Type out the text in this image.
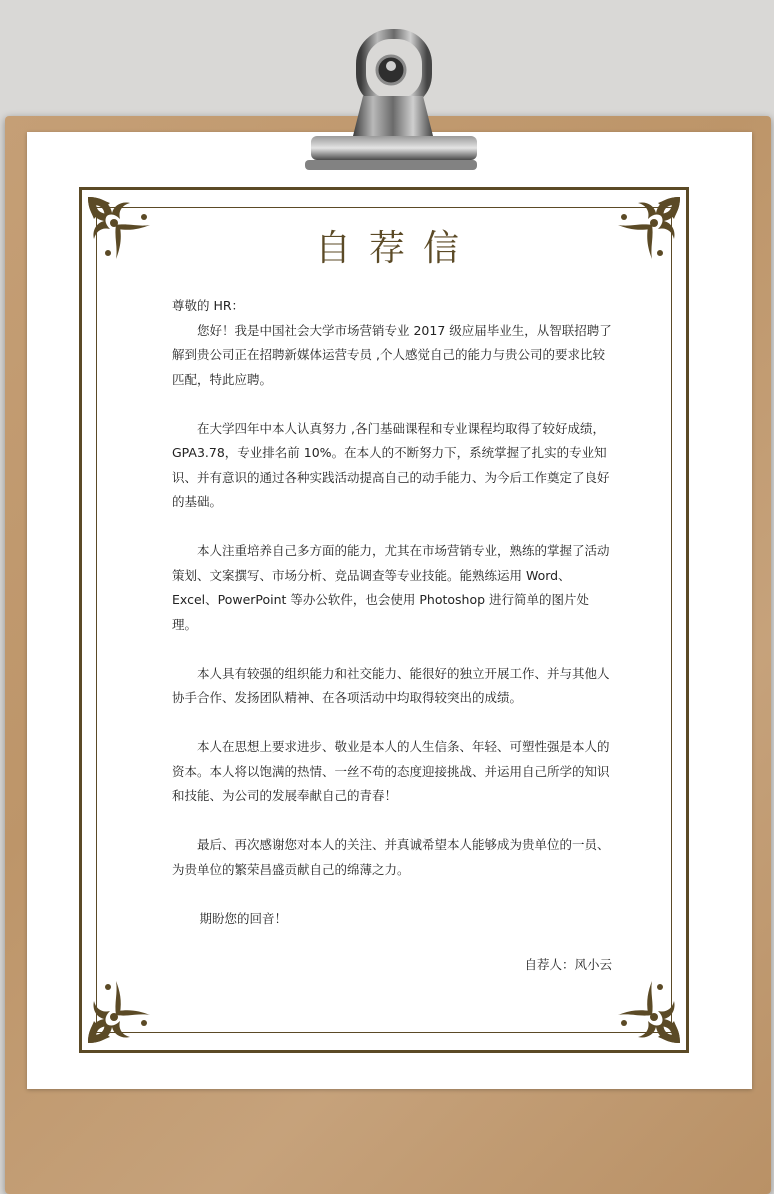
自荐信

尊敬的 HR：

您好！我是中国社会大学市场营销专业 2017 级应届毕业生，从智联招聘了解到贵公司正在招聘新媒体运营专员 ,个人感觉自己的能力与贵公司的要求比较匹配，特此应聘。

在大学四年中本人认真努力 ,各门基础课程和专业课程均取得了较好成绩，GPA3.78，专业排名前 10%。在本人的不断努力下，系统掌握了扎实的专业知识、并有意识的通过各种实践活动提高自己的动手能力、为今后工作奠定了良好的基础。

本人注重培养自己多方面的能力，尤其在市场营销专业，熟练的掌握了活动策划、文案撰写、市场分析、竞品调查等专业技能。能熟练运用 Word、Excel、PowerPoint 等办公软件，也会使用 Photoshop 进行简单的图片处理。

本人具有较强的组织能力和社交能力、能很好的独立开展工作、并与其他人协手合作、发扬团队精神、在各项活动中均取得较突出的成绩。

本人在思想上要求进步、敬业是本人的人生信条、年轻、可塑性强是本人的资本。本人将以饱满的热情、一丝不苟的态度迎接挑战、并运用自己所学的知识和技能、为公司的发展奉献自己的青春！

最后、再次感谢您对本人的关注、并真诚希望本人能够成为贵单位的一员、为贵单位的繁荣昌盛贡献自己的绵薄之力。

期盼您的回音！

自荐人：风小云
